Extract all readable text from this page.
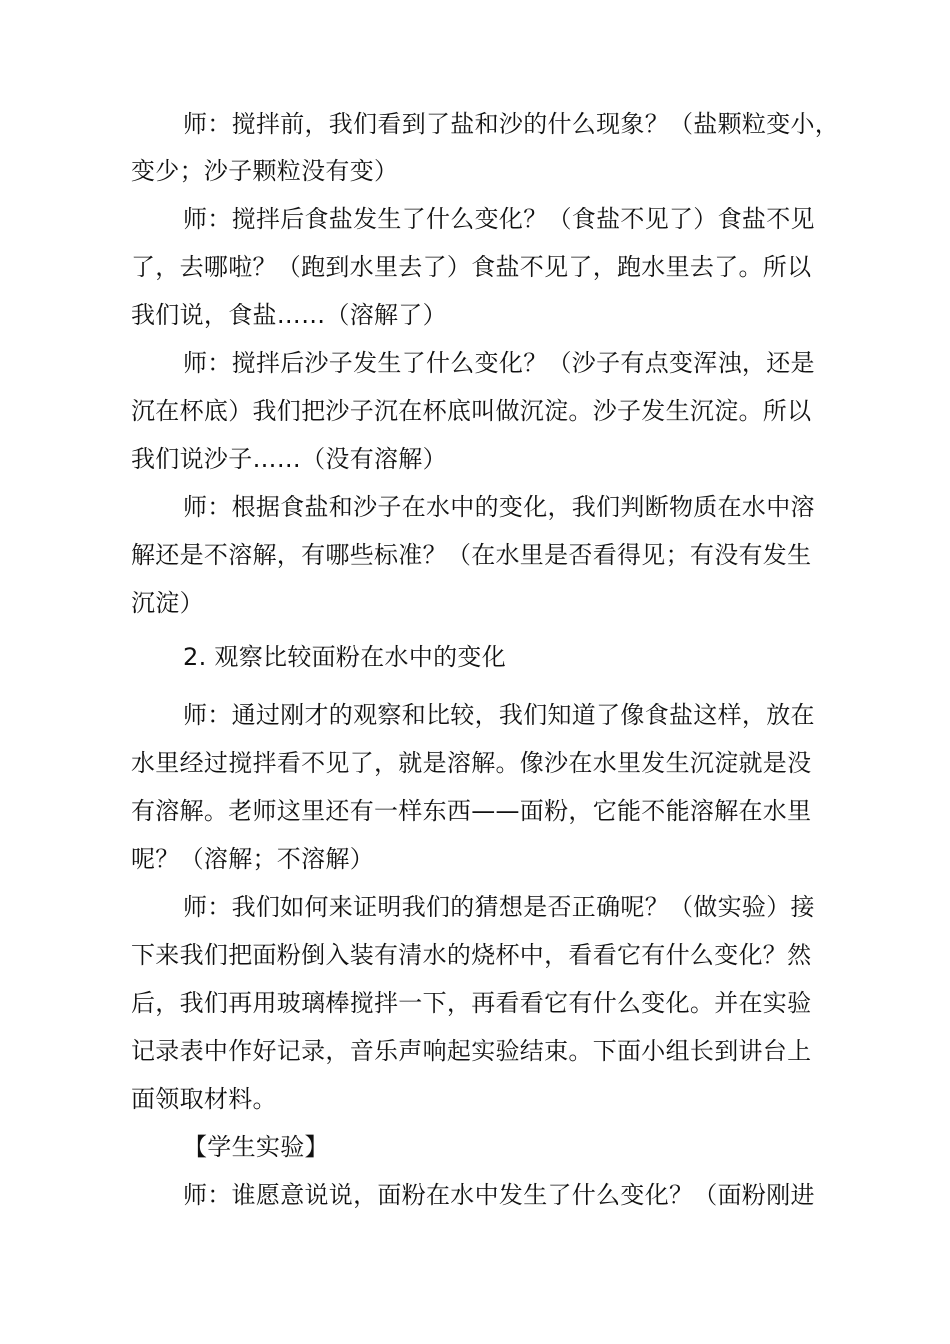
师：搅拌前，我们看到了盐和沙的什么现象？（盐颗粒变小，
变少；沙子颗粒没有变）
师：搅拌后食盐发生了什么变化？（食盐不见了）食盐不见
了，去哪啦？（跑到水里去了）食盐不见了，跑水里去了。所以
我们说，食盐……（溶解了）
师：搅拌后沙子发生了什么变化？（沙子有点变浑浊，还是
沉在杯底）我们把沙子沉在杯底叫做沉淀。沙子发生沉淀。所以
我们说沙子……（没有溶解）
师：根据食盐和沙子在水中的变化，我们判断物质在水中溶
解还是不溶解，有哪些标准？（在水里是否看得见；有没有发生
沉淀）
2. 观察比较面粉在水中的变化
师：通过刚才的观察和比较，我们知道了像食盐这样，放在
水里经过搅拌看不见了，就是溶解。像沙在水里发生沉淀就是没
有溶解。老师这里还有一样东西——面粉，它能不能溶解在水里
呢？（溶解；不溶解）
师：我们如何来证明我们的猜想是否正确呢？（做实验）接
下来我们把面粉倒入装有清水的烧杯中，看看它有什么变化？然
后，我们再用玻璃棒搅拌一下，再看看它有什么变化。并在实验
记录表中作好记录，音乐声响起实验结束。下面小组长到讲台上
面领取材料。
【学生实验】
师：谁愿意说说，面粉在水中发生了什么变化？（面粉刚进
